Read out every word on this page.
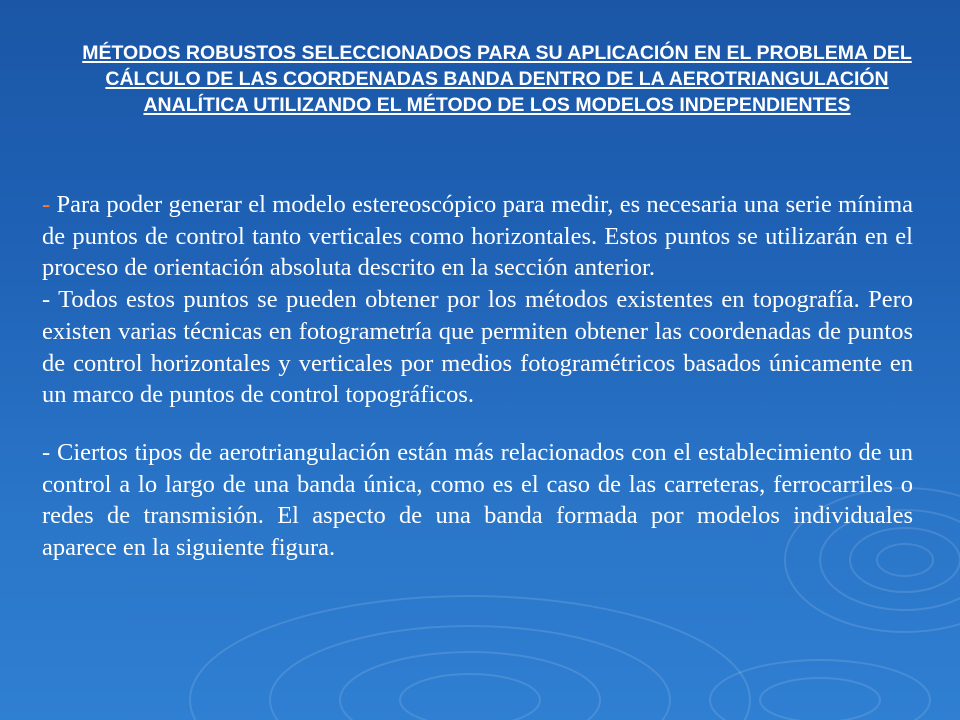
MÉTODOS ROBUSTOS SELECCIONADOS PARA SU APLICACIÓN EN EL PROBLEMA DEL CÁLCULO DE LAS COORDENADAS BANDA DENTRO DE LA AEROTRIANGULACIÓN ANALÍTICA UTILIZANDO EL MÉTODO DE LOS MODELOS INDEPENDIENTES

- Para poder generar el modelo estereoscópico para medir, es necesaria una serie mínima de puntos de control tanto verticales como horizontales. Estos puntos se utilizarán en el proceso de orientación absoluta descrito en la sección anterior.

- Todos estos puntos se pueden obtener por los métodos existentes en topografía. Pero existen varias técnicas en fotogrametría que permiten obtener las coordenadas de puntos de control horizontales y verticales por medios fotogramétricos basados únicamente en un marco de puntos de control topográficos.

- Ciertos tipos de aerotriangulación están más relacionados con el establecimiento de un control a lo largo de una banda única, como es el caso de las carreteras, ferrocarriles o redes de transmisión. El aspecto de una banda formada por modelos individuales aparece en la siguiente figura.
